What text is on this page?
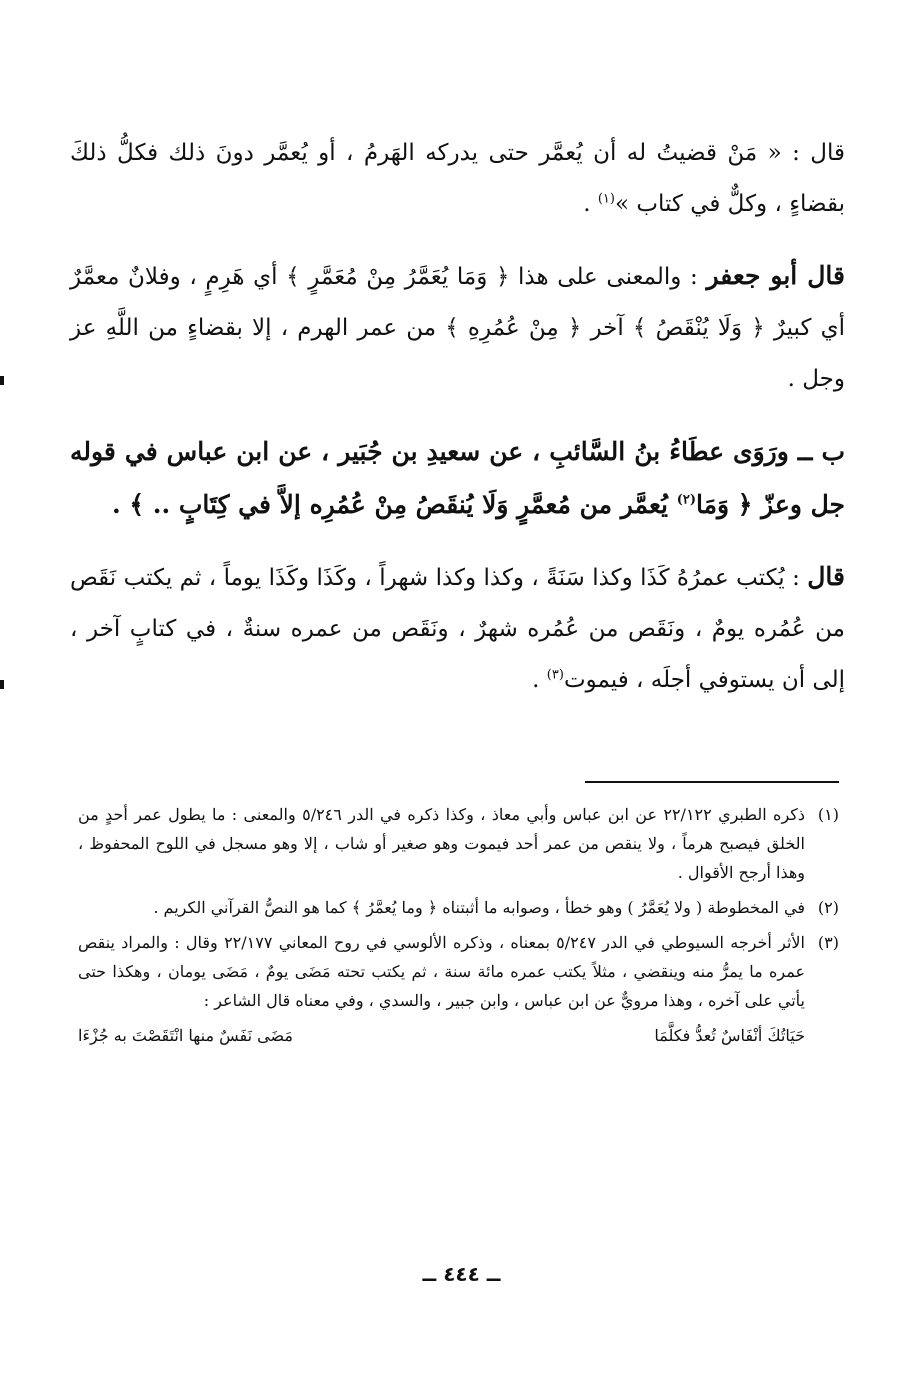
قال : « مَنْ قضيتُ له أن يُعمَّر حتى يدركه الهَرمُ ، أو يُعمَّر دونَ ذلك فكلُّ ذلكَ بقضاءٍ ، وكلٌّ في كتاب »$^{(١)}$ .

قال أبو جعفر : والمعنى على هذا ﴿ وَمَا يُعَمَّرُ مِنْ مُعَمَّرٍ ﴾ أي هَرِمٍ ، وفلانٌ معمَّرٌ أي كبيرٌ ﴿ وَلَا يُنْقَصُ ﴾ آخر ﴿ مِنْ عُمُرِهِ ﴾ من عمر الهرم ، إلا بقضاءٍ من اللَّهِ عز وجل .

ب ــ ورَوَى عطَاءُ بنُ السَّائبِ ، عن سعيدِ بن جُبَير ، عن ابن عباس في قوله جل وعزّ ﴿ وَمَا$^{(٢)}$ يُعمَّر من مُعمَّرٍ وَلَا يُنقَصُ مِنْ عُمُرِه إلاَّ في كِتَابٍ .. ﴾ .

قال : يُكتب عمرُهُ كَذَا وكذا سَنَةً ، وكذا وكذا شهراً ، وكَذَا وكَذَا يوماً ، ثم يكتب نَقَص من عُمُره يومٌ ، ونَقَص من عُمُره شهرٌ ، ونَقَص من عمره سنةٌ ، في كتابٍ آخر ، إلى أن يستوفي أجلَه ، فيموت$^{(٣)}$ .

(١)
ذكره الطبري ٢٢/١٢٢ عن ابن عباس وأبي معاذ ، وكذا ذكره في الدر ٥/٢٤٦ والمعنى : ما يطول عمر أحدٍ من الخلق فيصبح هرماً ، ولا ينقص من عمر أحد فيموت وهو صغير أو شاب ، إلا وهو مسجل في اللوح المحفوظ ، وهذا أرجح الأقوال .
(٢)
في المخطوطة ( ولا يُعَمَّرُ ) وهو خطأ ، وصوابه ما أثبتناه ﴿ وما يُعمَّرُ ﴾ كما هو النصُّ القرآني الكريم .
(٣)
الأثر أخرجه السيوطي في الدر ٥/٢٤٧ بمعناه ، وذكره الألوسي في روح المعاني ٢٢/١٧٧ وقال : والمراد ينقص عمره ما يمرُّ منه وينقضي ، مثلاً يكتب عمره مائة سنة ، ثم يكتب تحته مَضَى يومٌ ، مَضَى يومان ، وهكذا حتى يأتي على آخره ، وهذا مرويٌّ عن ابن عباس ، وابن جبير ، والسدي ، وفي معناه قال الشاعر :
حَيَاتُكَ أنْفَاسٌ تُعدُّ فكلَّمَا
مَضَى نَفَسٌ منها انْتَقَصْتَ به جُزْءَا
ــ ٤٤٤ ــ
